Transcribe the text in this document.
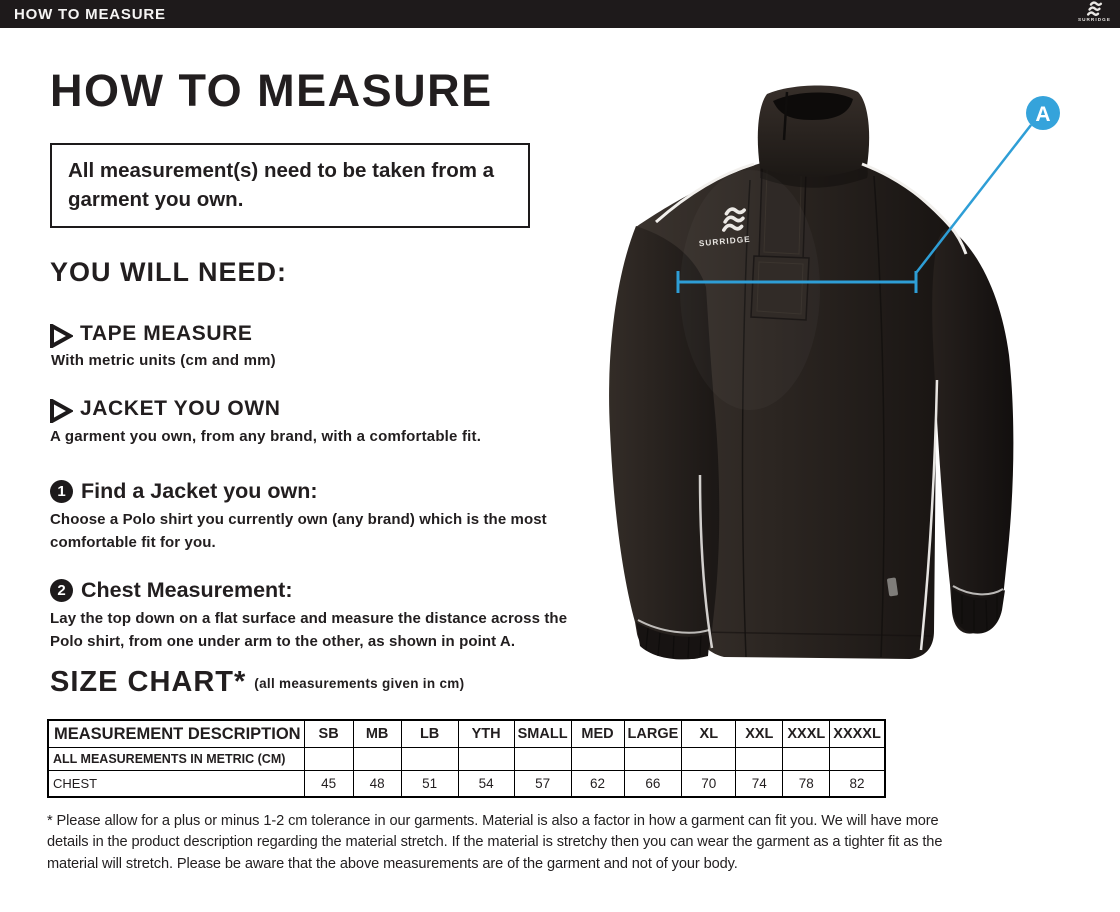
HOW TO MEASURE	SURRIDGE
HOW TO MEASURE
All measurement(s) need to be taken from a garment you own.
YOU WILL NEED:
TAPE MEASURE
With metric units (cm and mm)
JACKET YOU OWN
A garment you own, from any brand, with a comfortable fit.
1 Find a Jacket you own:
Choose a Polo shirt you currently own (any brand) which is the most comfortable fit for you.
2 Chest Measurement:
Lay the top down on a flat surface and measure the distance across the Polo shirt, from one under arm to the other, as shown in point A.
SIZE CHART* (all measurements given in cm)
MEASUREMENT DESCRIPTION	SB	MB	LB	YTH	SMALL	MED	LARGE	XL	XXL	XXXL	XXXXL
ALL MEASUREMENTS IN METRIC (CM)											
CHEST	45	48	51	54	57	62	66	70	74	78	82
* Please allow for a plus or minus 1-2 cm tolerance in our garments. Material is also a factor in how a garment can fit you. We will have more details in the product description regarding the material stretch. If the material is stretchy then you can wear the garment as a tighter fit as the material will stretch. Please be aware that the above measurements are of the garment and not of your body.
SURRIDGE
A
